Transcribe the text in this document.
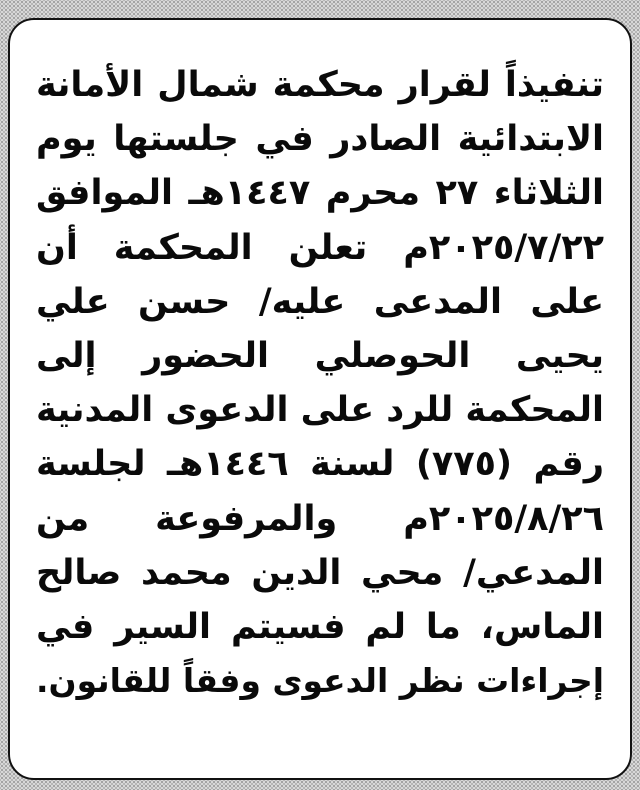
تنفيذاً لقرار محكمة شمال الأمانة
الابتدائية الصادر في جلستها يوم
الثلاثاء ٢٧ محرم ١٤٤٧هـ الموافق
٢٠٢٥/٧/٢٢م تعلن المحكمة أن
على المدعى عليه/ حسن علي
يحيى الحوصلي الحضور إلى
المحكمة للرد على الدعوى المدنية
رقم (٧٧٥) لسنة ١٤٤٦هـ لجلسة
٢٠٢٥/٨/٢٦م والمرفوعة من
المدعي/ محي الدين محمد صالح
الماس، ما لم فسيتم السير في
إجراءات نظر الدعوى وفقاً للقانون.
